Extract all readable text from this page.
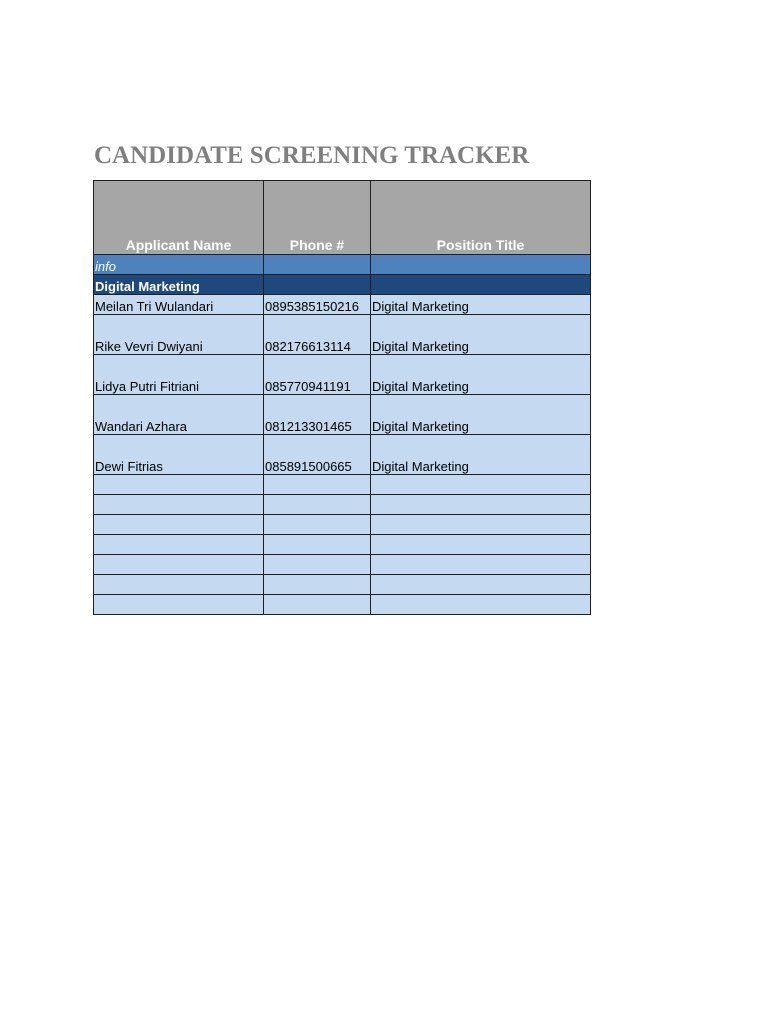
CANDIDATE SCREENING TRACKER
Applicant Name	Phone #	Position Title
info		
Digital Marketing		
Meilan Tri Wulandari	0895385150216	Digital Marketing
Rike Vevri Dwiyani	082176613114	Digital Marketing
Lidya Putri Fitriani	085770941191	Digital Marketing
Wandari Azhara	081213301465	Digital Marketing
Dewi Fitrias	085891500665	Digital Marketing
